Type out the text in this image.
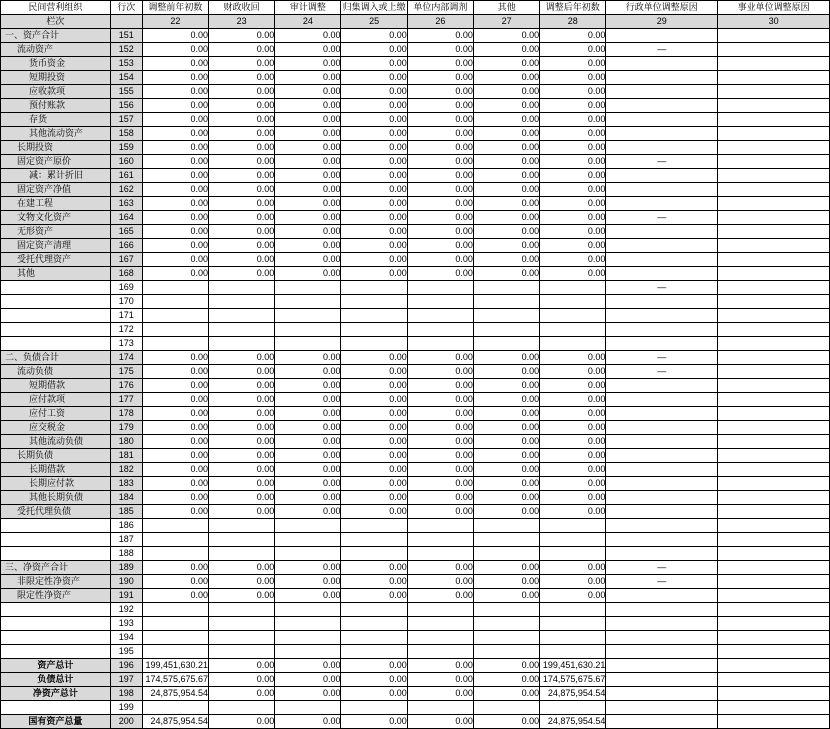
民间营利组织	行次	调整前年初数	财政收回	审计调整	归集调入或上缴	单位内部调剂	其他	调整后年初数	行政单位调整原因	事业单位调整原因
栏次		22	23	24	25	26	27	28	29	30
一、资产合计	151	0.00	0.00	0.00	0.00	0.00	0.00	0.00		
流动资产	152	0.00	0.00	0.00	0.00	0.00	0.00	0.00	—	
货币资金	153	0.00	0.00	0.00	0.00	0.00	0.00	0.00		
短期投资	154	0.00	0.00	0.00	0.00	0.00	0.00	0.00		
应收款项	155	0.00	0.00	0.00	0.00	0.00	0.00	0.00		
预付账款	156	0.00	0.00	0.00	0.00	0.00	0.00	0.00		
存货	157	0.00	0.00	0.00	0.00	0.00	0.00	0.00		
其他流动资产	158	0.00	0.00	0.00	0.00	0.00	0.00	0.00		
长期投资	159	0.00	0.00	0.00	0.00	0.00	0.00	0.00		
固定资产原价	160	0.00	0.00	0.00	0.00	0.00	0.00	0.00	—	
减：累计折旧	161	0.00	0.00	0.00	0.00	0.00	0.00	0.00		
固定资产净值	162	0.00	0.00	0.00	0.00	0.00	0.00	0.00		
在建工程	163	0.00	0.00	0.00	0.00	0.00	0.00	0.00		
文物文化资产	164	0.00	0.00	0.00	0.00	0.00	0.00	0.00	—	
无形资产	165	0.00	0.00	0.00	0.00	0.00	0.00	0.00		
固定资产清理	166	0.00	0.00	0.00	0.00	0.00	0.00	0.00		
受托代理资产	167	0.00	0.00	0.00	0.00	0.00	0.00	0.00		
其他	168	0.00	0.00	0.00	0.00	0.00	0.00	0.00		
	169								—	
	170									
	171									
	172									
	173									
二、负债合计	174	0.00	0.00	0.00	0.00	0.00	0.00	0.00	—	
流动负债	175	0.00	0.00	0.00	0.00	0.00	0.00	0.00	—	
短期借款	176	0.00	0.00	0.00	0.00	0.00	0.00	0.00		
应付款项	177	0.00	0.00	0.00	0.00	0.00	0.00	0.00		
应付工资	178	0.00	0.00	0.00	0.00	0.00	0.00	0.00		
应交税金	179	0.00	0.00	0.00	0.00	0.00	0.00	0.00		
其他流动负债	180	0.00	0.00	0.00	0.00	0.00	0.00	0.00		
长期负债	181	0.00	0.00	0.00	0.00	0.00	0.00	0.00		
长期借款	182	0.00	0.00	0.00	0.00	0.00	0.00	0.00		
长期应付款	183	0.00	0.00	0.00	0.00	0.00	0.00	0.00		
其他长期负债	184	0.00	0.00	0.00	0.00	0.00	0.00	0.00		
受托代理负债	185	0.00	0.00	0.00	0.00	0.00	0.00	0.00		
	186									
	187									
	188									
三、净资产合计	189	0.00	0.00	0.00	0.00	0.00	0.00	0.00	—	
非限定性净资产	190	0.00	0.00	0.00	0.00	0.00	0.00	0.00	—	
限定性净资产	191	0.00	0.00	0.00	0.00	0.00	0.00	0.00		
	192									
	193									
	194									
	195									
资产总计	196	199,451,630.21	0.00	0.00	0.00	0.00	0.00	199,451,630.21		
负债总计	197	174,575,675.67	0.00	0.00	0.00	0.00	0.00	174,575,675.67		
净资产总计	198	24,875,954.54	0.00	0.00	0.00	0.00	0.00	24,875,954.54		
	199									
国有资产总量	200	24,875,954.54	0.00	0.00	0.00	0.00	0.00	24,875,954.54		
